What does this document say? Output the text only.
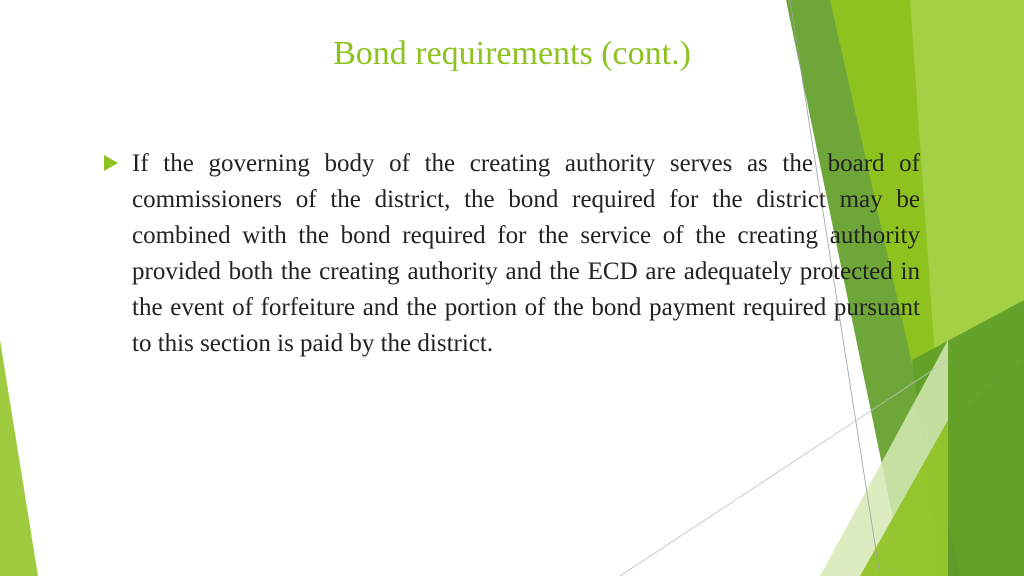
Bond requirements (cont.)

If the governing body of the creating authority serves as the board of commissioners of the district, the bond required for the district may be combined with the bond required for the service of the creating authority provided both the creating authority and the ECD are adequately protected in the event of forfeiture and the portion of the bond payment required pursuant to this section is paid by the district.
